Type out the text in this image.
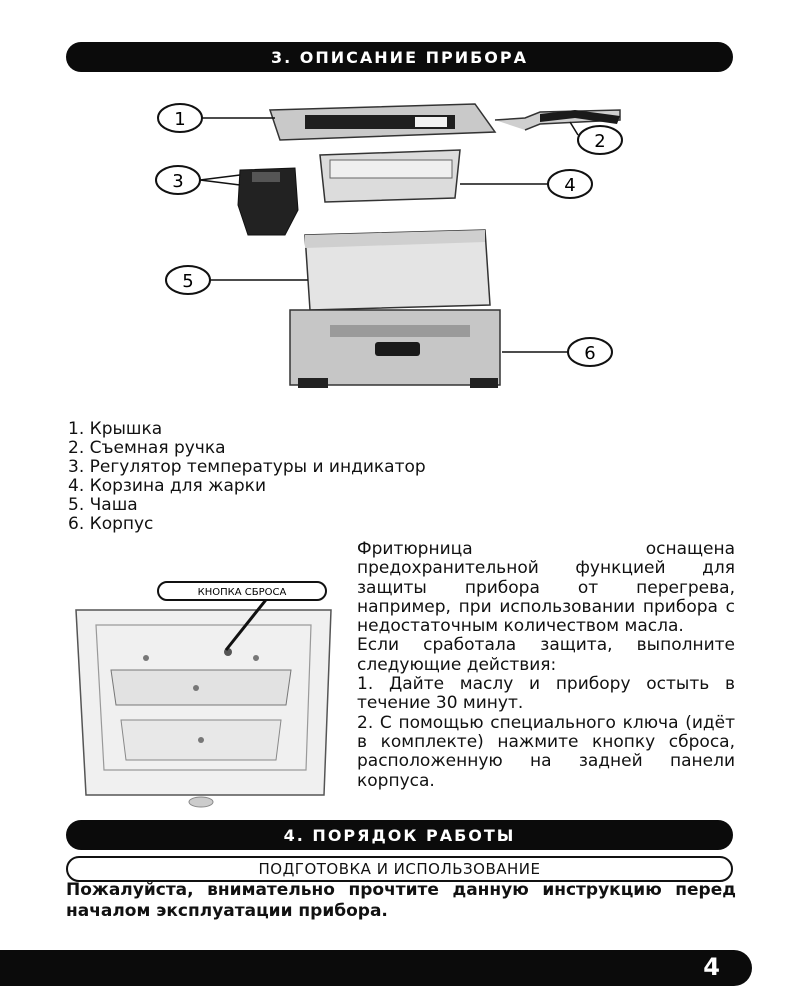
3. ОПИСАНИЕ ПРИБОРА
1
2
3	4
5
6
1. Крышка
2. Съемная ручка
3. Регулятор температуры и индикатор
4. Корзина для жарки
5. Чаша
6. Корпус
КНОПКА СБРОСА

Фритюрница оснащена предохранительной функцией для защиты прибора от перегрева, например, при использовании прибора с недостаточным количеством масла.

Если сработала защита, выполните следующие действия:

1. Дайте маслу и прибору остыть в течение 30 минут.

2. С помощью специального ключа (идёт в комплекте) нажмите кнопку сброса, расположенную на задней панели корпуса.

4. ПОРЯДОК РАБОТЫ
ПОДГОТОВКА И ИСПОЛЬЗОВАНИЕ
Пожалуйста, внимательно прочтите данную инструкцию перед началом эксплуатации прибора.
4
